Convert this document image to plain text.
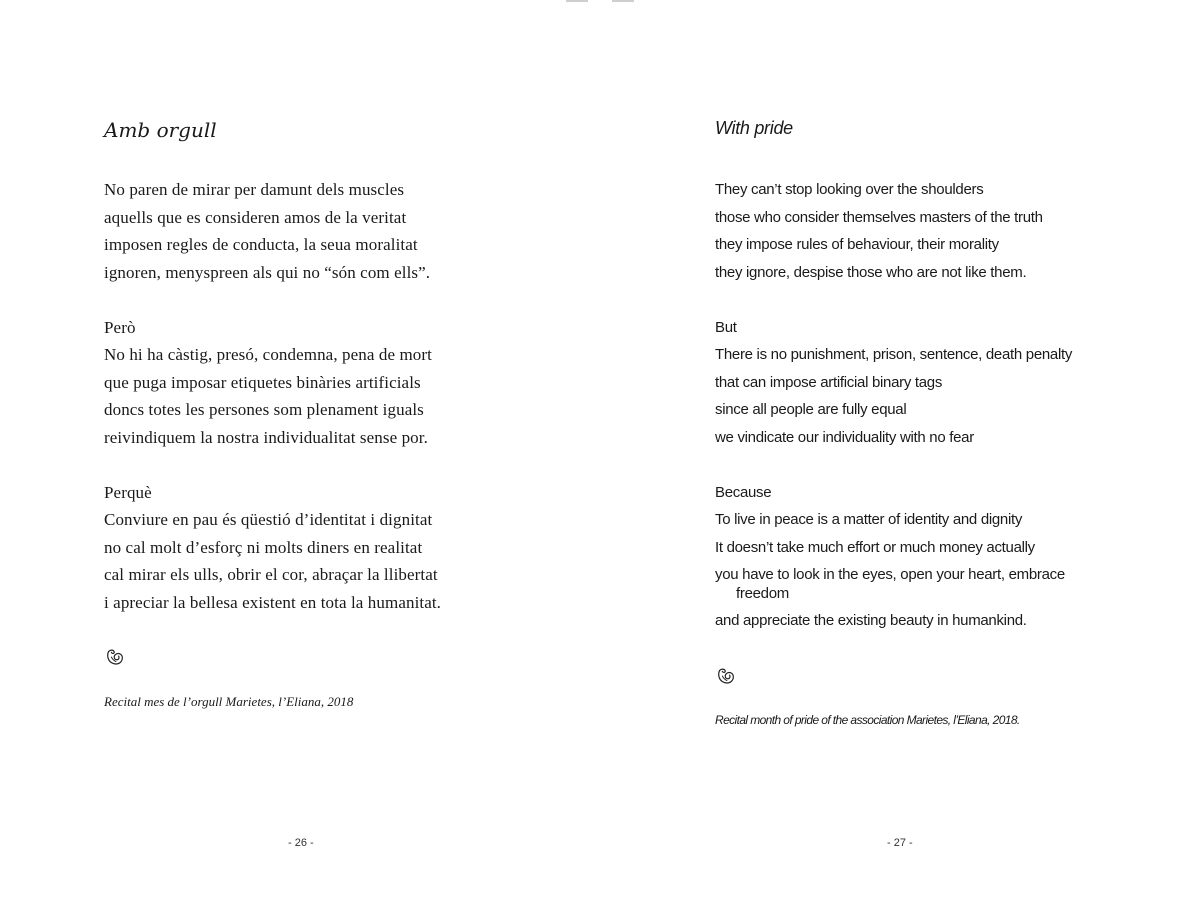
Amb orgull
No paren de mirar per damunt dels muscles
aquells que es consideren amos de la veritat
imposen regles de conducta, la seua moralitat
ignoren, menyspreen als qui no “són com ells”.
Però
No hi ha càstig, presó, condemna, pena de mort
que puga imposar etiquetes binàries artificials
doncs totes les persones som plenament iguals
reivindiquem la nostra individualitat sense por.
Perquè
Conviure en pau és qüestió d’identitat i dignitat
no cal molt d’esforç ni molts diners en realitat
cal mirar els ulls, obrir el cor, abraçar la llibertat
i apreciar la bellesa existent en tota la humanitat.

Recital mes de l’orgull Marietes, l’Eliana, 2018

- 26 -

With pride
They can’t stop looking over the shoulders
those who consider themselves masters of the truth
they impose rules of behaviour, their morality
they ignore, despise those who are not like them.
But
There is no punishment, prison, sentence, death penalty
that can impose artificial binary tags
since all people are fully equal
we vindicate our individuality with no fear
Because
To live in peace is a matter of identity and dignity
It doesn’t take much effort or much money actually
you have to look in the eyes, open your heart, embrace freedom
and appreciate the existing beauty in humankind.

Recital month of pride of the association Marietes, l’Eliana, 2018.

- 27 -
